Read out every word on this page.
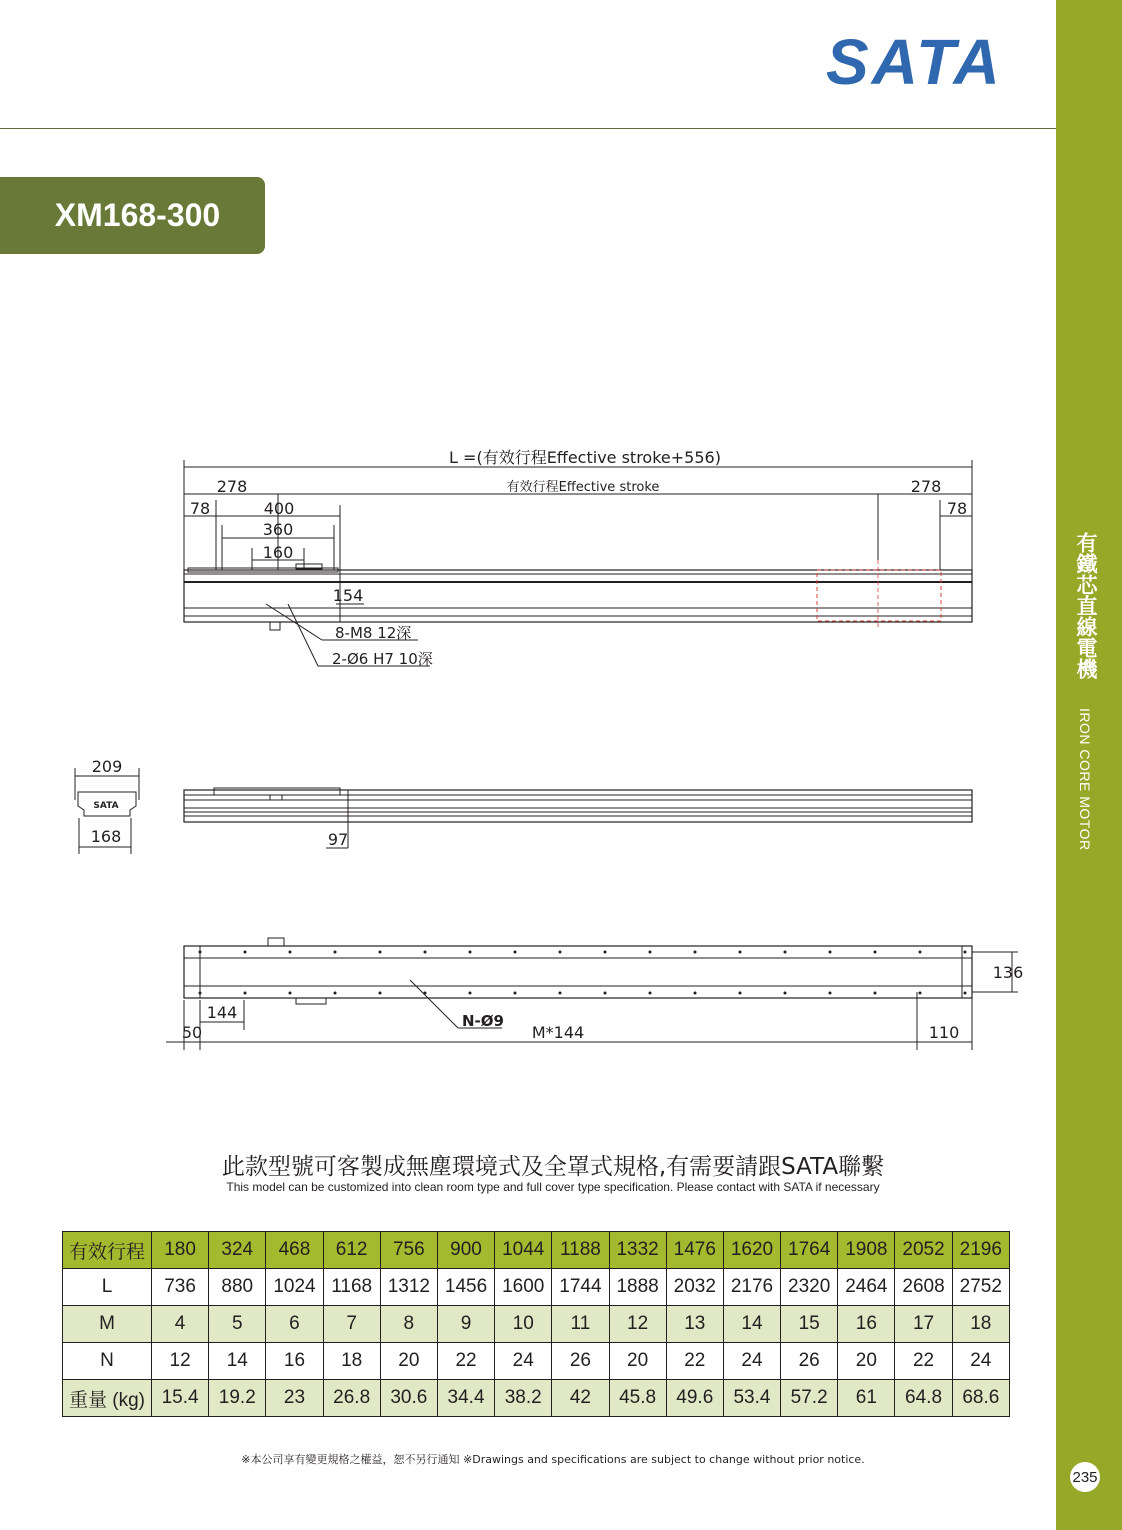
有鐵芯直線電機
IRON CORE MOTOR
235
SATA
XM168-300
L =(有效行程Effective stroke+556)
有效行程Effective stroke
278	278
78	78
400
360
160
154
8-M8 12深
2-Ø6 H7 10深
209
168	97
SATA
136
144
50	M*144	110
N-Ø9
此款型號可客製成無塵環境式及全罩式規格,有需要請跟SATA聯繫
This model can be customized into clean room type and full cover type specification. Please contact with SATA if necessary
有效行程	180	324	468	612	756	900	1044	1188	1332	1476	1620	1764	1908	2052	2196
L	736	880	1024	1168	1312	1456	1600	1744	1888	2032	2176	2320	2464	2608	2752
M	4	5	6	7	8	9	10	11	12	13	14	15	16	17	18
N	12	14	16	18	20	22	24	26	20	22	24	26	20	22	24
重量 (kg)	15.4	19.2	23	26.8	30.6	34.4	38.2	42	45.8	49.6	53.4	57.2	61	64.8	68.6
※本公司享有變更規格之權益，恕不另行通知 ※Drawings and specifications are subject to change without prior notice.
